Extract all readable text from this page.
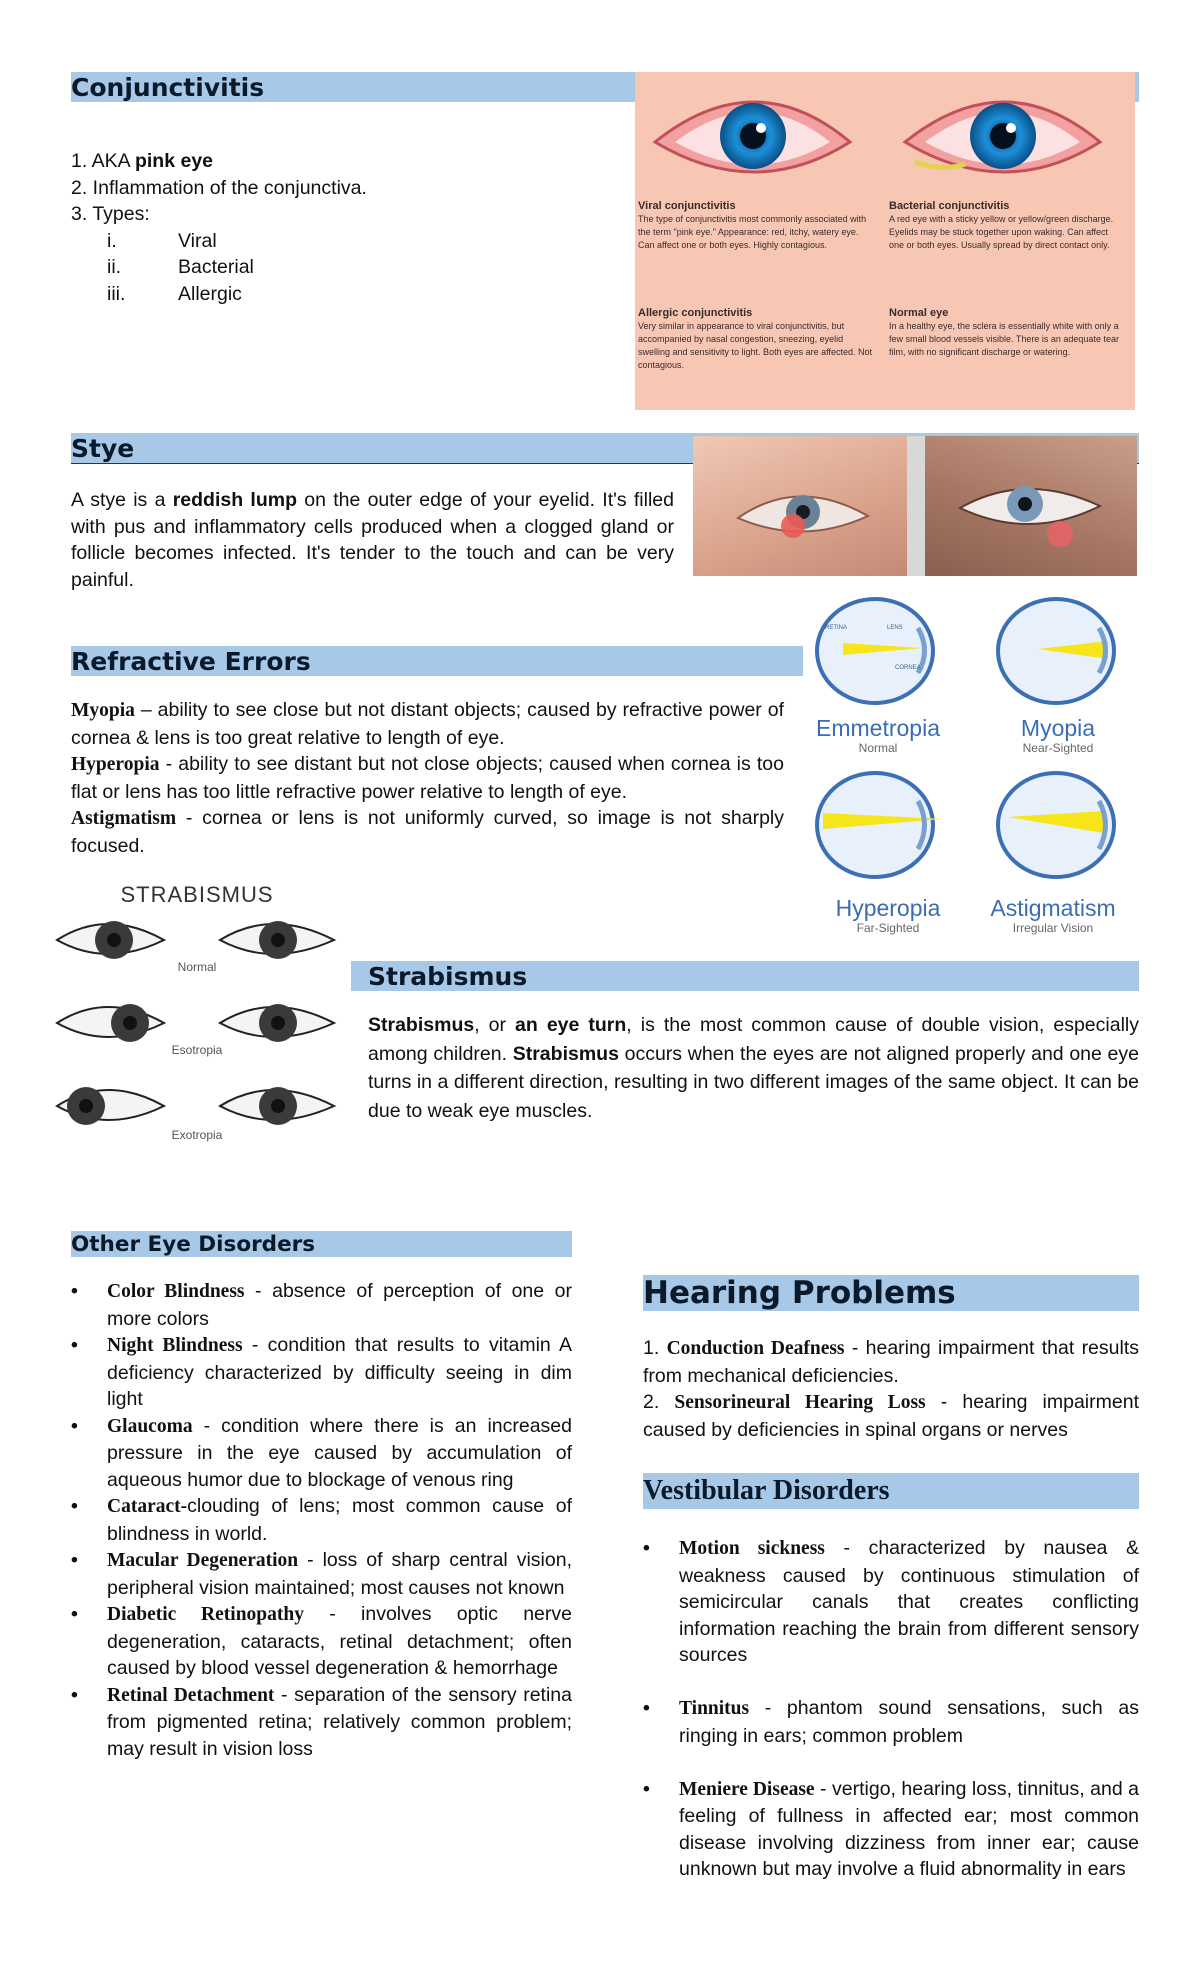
Conjunctivitis
1. AKA pink eye
2. Inflammation of the conjunctiva.
3. Types:
i.	Viral
ii.	Bacterial
iii.	Allergic
Viral conjunctivitis
The type of conjunctivitis most commonly associated with the term "pink eye." Appearance: red, itchy, watery eye. Can affect one or both eyes. Highly contagious.
Bacterial conjunctivitis
A red eye with a sticky yellow or yellow/green discharge. Eyelids may be stuck together upon waking. Can affect one or both eyes. Usually spread by direct contact only.
Allergic conjunctivitis
Very similar in appearance to viral conjunctivitis, but accompanied by nasal congestion, sneezing, eyelid swelling and sensitivity to light. Both eyes are affected. Not contagious.
Normal eye
In a healthy eye, the sclera is essentially white with only a few small blood vessels visible. There is an adequate tear film, with no significant discharge or watering.
Stye
A stye is a reddish lump on the outer edge of your eyelid. It's filled with pus and inflammatory cells produced when a clogged gland or follicle becomes infected. It's tender to the touch and can be very painful.
Refractive Errors
Myopia – ability to see close but not distant objects; caused by refractive power of cornea & lens is too great relative to length of eye.
Hyperopia - ability to see distant but not close objects; caused when cornea is too flat or lens has too little refractive power relative to length of eye.
Astigmatism - cornea or lens is not uniformly curved, so image is not sharply focused.
RETINA	LENS
CORNEA
Emmetropia
Normal
Myopia
Near-Sighted
Hyperopia
Far-Sighted
Astigmatism
Irregular Vision
STRABISMUS
Normal
Esotropia
Exotropia
Strabismus
Strabismus, or an eye turn, is the most common cause of double vision, especially among children. Strabismus occurs when the eyes are not aligned properly and one eye turns in a different direction, resulting in two different images of the same object. It can be due to weak eye muscles.
Other Eye Disorders
• Color Blindness - absence of perception of one or more colors
• Night Blindness - condition that results to vitamin A deficiency characterized by difficulty seeing in dim light
• Glaucoma - condition where there is an increased pressure in the eye caused by accumulation of aqueous humor due to blockage of venous ring
• Cataract-clouding of lens; most common cause of blindness in world.
• Macular Degeneration - loss of sharp central vision, peripheral vision maintained; most causes not known
• Diabetic Retinopathy - involves optic nerve degeneration, cataracts, retinal detachment; often caused by blood vessel degeneration & hemorrhage
• Retinal Detachment - separation of the sensory retina from pigmented retina; relatively common problem; may result in vision loss
Hearing Problems
1. Conduction Deafness - hearing impairment that results from mechanical deficiencies.
2. Sensorineural Hearing Loss - hearing impairment caused by deficiencies in spinal organs or nerves
Vestibular Disorders
• Motion sickness - characterized by nausea & weakness caused by continuous stimulation of semicircular canals that creates conflicting information reaching the brain from different sensory sources
• Tinnitus - phantom sound sensations, such as ringing in ears; common problem
• Meniere Disease - vertigo, hearing loss, tinnitus, and a feeling of fullness in affected ear; most common disease involving dizziness from inner ear; cause unknown but may involve a fluid abnormality in ears
